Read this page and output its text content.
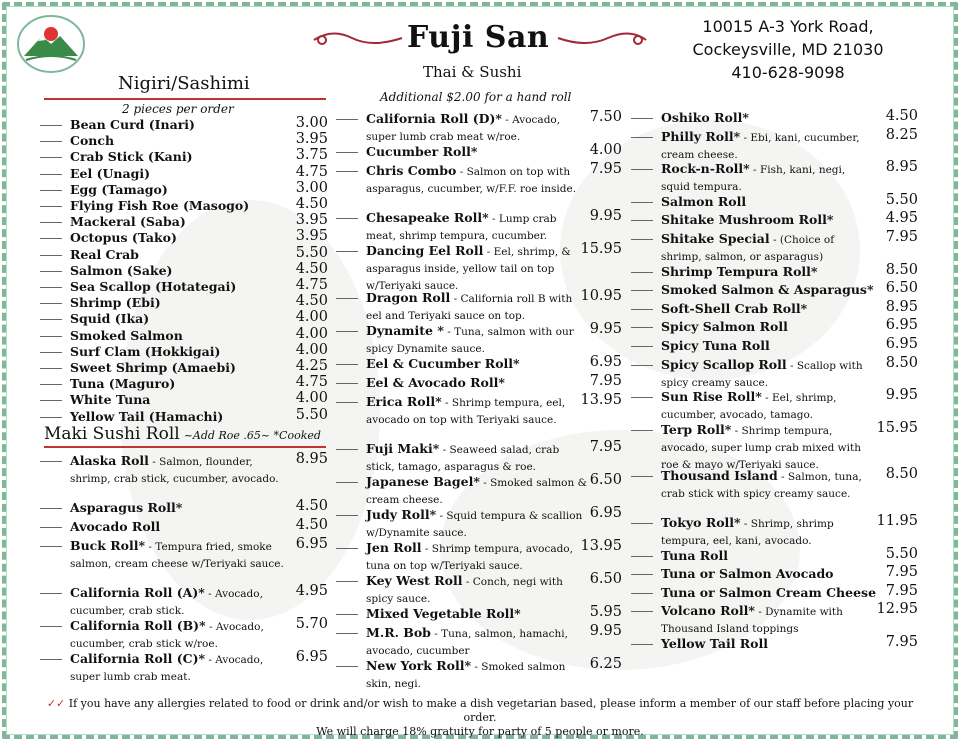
Fuji San
Thai & Sushi
10015 A-3 York Road,
Cockeysville, MD 21030
410-628-9098
Nigiri/Sashimi
2 pieces per order
Bean Curd (Inari)	3.00
Conch	3.95
Crab Stick (Kani)	3.75
Eel (Unagi)	4.75
Egg (Tamago)	3.00
Flying Fish Roe (Masogo)	4.50
Mackeral (Saba)	3.95
Octopus (Tako)	3.95
Real Crab	5.50
Salmon (Sake)	4.50
Sea Scallop (Hotategai)	4.75
Shrimp (Ebi)	4.50
Squid (Ika)	4.00
Smoked Salmon	4.00
Surf Clam (Hokkigai)	4.00
Sweet Shrimp (Amaebi)	4.25
Tuna (Maguro)	4.75
White Tuna	4.00
Yellow Tail (Hamachi)	5.50
Maki Sushi Roll ~Add Roe .65~ *Cooked
Alaska Roll - Salmon, flounder, shrimp, crab stick, cucumber, avocado.
8.95
Asparagus Roll*	4.50
Avocado Roll	4.50
Buck Roll* - Tempura fried, smoke salmon, cream cheese w/Teriyaki sauce.
6.95
California Roll (A)* - Avocado, cucumber, crab stick.
4.95
California Roll (B)* - Avocado, cucumber, crab stick w/roe.
5.70
California Roll (C)* - Avocado, super lumb crab meat.
6.95
Additional $2.00 for a hand roll
California Roll (D)* - Avocado, super lumb crab meat w/roe.
7.50
Cucumber Roll*	4.00
Chris Combo - Salmon on top with asparagus, cucumber, w/F.F. roe inside.
7.95
Chesapeake Roll* - Lump crab meat, shrimp tempura, cucumber.
9.95
Dancing Eel Roll - Eel, shrimp, & asparagus inside, yellow tail on top w/Teriyaki sauce.
15.95
Dragon Roll - California roll B with eel and Teriyaki sauce on top.
10.95
Dynamite * - Tuna, salmon with our spicy Dynamite sauce.
9.95
Eel & Cucumber Roll*	6.95
Eel & Avocado Roll*	7.95
Erica Roll* - Shrimp tempura, eel, avocado on top with Teriyaki sauce.
13.95
Fuji Maki* - Seaweed salad, crab stick, tamago, asparagus & roe.
7.95
Japanese Bagel* - Smoked salmon & cream cheese.
6.50
Judy Roll* - Squid tempura & scallion w/Dynamite sauce.
6.95
Jen Roll - Shrimp tempura, avocado, tuna on top w/Teriyaki sauce.
13.95
Key West Roll - Conch, negi with spicy sauce.
6.50
Mixed Vegetable Roll*	5.95
M.R. Bob - Tuna, salmon, hamachi, avocado, cucumber
9.95
New York Roll* - Smoked salmon skin, negi.
6.25
Oshiko Roll*	4.50
Philly Roll* - Ebi, kani, cucumber, cream cheese.
8.25
Rock-n-Roll* - Fish, kani, negi, squid tempura.
8.95
Salmon Roll	5.50
Shitake Mushroom Roll*	4.95
Shitake Special - (Choice of shrimp, salmon, or asparagus)
7.95
Shrimp Tempura Roll*	8.50
Smoked Salmon & Asparagus* 6.50
Soft-Shell Crab Roll*	8.95
Spicy Salmon Roll	6.95
Spicy Tuna Roll	6.95
Spicy Scallop Roll - Scallop with spicy creamy sauce.
8.50
Sun Rise Roll* - Eel, shrimp, cucumber, avocado, tamago.
9.95
Terp Roll* - Shrimp tempura, avocado, super lump crab mixed with roe & mayo w/Teriyaki sauce.
15.95
Thousand Island - Salmon, tuna, crab stick with spicy creamy sauce.
8.50
Tokyo Roll* - Shrimp, shrimp tempura, eel, kani, avocado.
11.95
Tuna Roll	5.50
Tuna or Salmon Avocado	7.95
Tuna or Salmon Cream Cheese 7.95
Volcano Roll* - Dynamite with Thousand Island toppings
12.95
Yellow Tail Roll	7.95
✓✓ If you have any allergies related to food or drink and/or wish to make a dish vegetarian based, please inform a member of our staff before placing your order.
We will charge 18% gratuity for party of 5 people or more.
